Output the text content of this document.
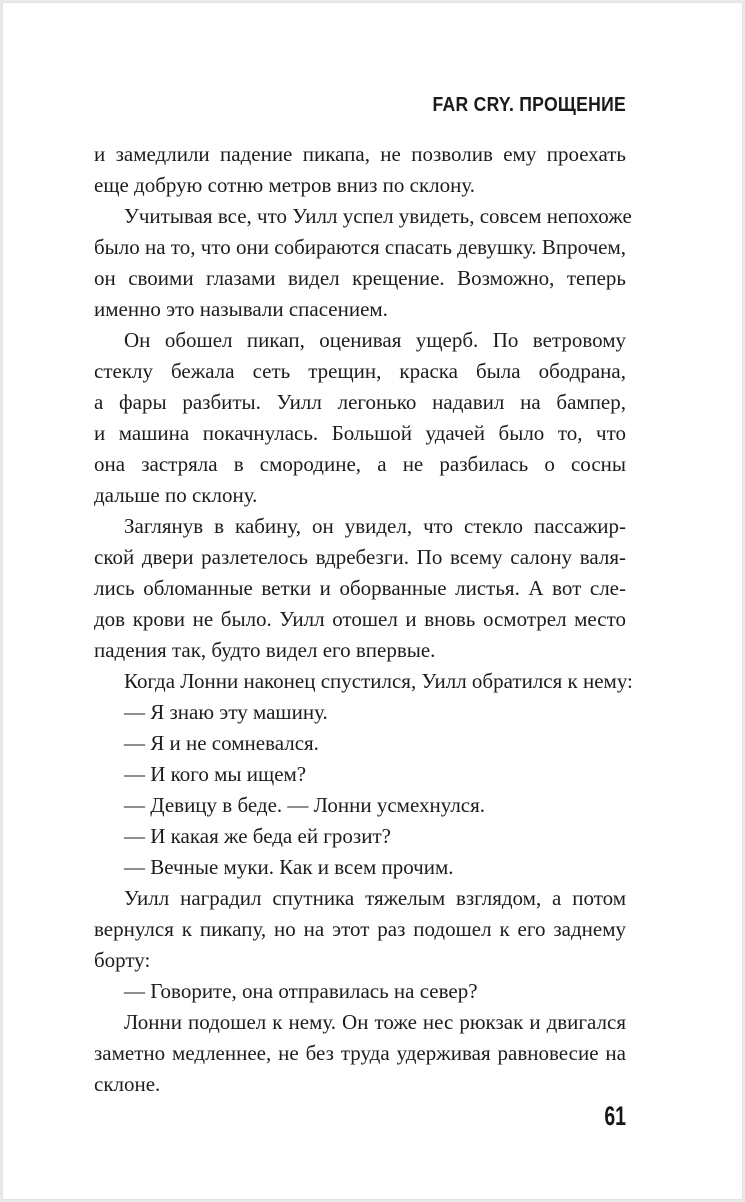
FAR CRY. ПРОЩЕНИЕ
и замедлили падение пикапа, не позволив ему проехать
еще добрую сотню метров вниз по склону.
Учитывая все, что Уилл успел увидеть, совсем непохоже
было на то, что они собираются спасать девушку. Впрочем,
он своими глазами видел крещение. Возможно, теперь
именно это называли спасением.
Он обошел пикап, оценивая ущерб. По ветровому
стеклу бежала сеть трещин, краска была ободрана,
а фары разбиты. Уилл легонько надавил на бампер,
и машина покачнулась. Большой удачей было то, что
она застряла в смородине, а не разбилась о сосны
дальше по склону.
Заглянув в кабину, он увидел, что стекло пассажир-
ской двери разлетелось вдребезги. По всему салону валя-
лись обломанные ветки и оборванные листья. А вот сле-
дов крови не было. Уилл отошел и вновь осмотрел место
падения так, будто видел его впервые.
Когда Лонни наконец спустился, Уилл обратился к нему:
— Я знаю эту машину.
— Я и не сомневался.
— И кого мы ищем?
— Девицу в беде. — Лонни усмехнулся.
— И какая же беда ей грозит?
— Вечные муки. Как и всем прочим.
Уилл наградил спутника тяжелым взглядом, а потом
вернулся к пикапу, но на этот раз подошел к его заднему
борту:
— Говорите, она отправилась на север?
Лонни подошел к нему. Он тоже нес рюкзак и двигался
заметно медленнее, не без труда удерживая равновесие на
склоне.
61
